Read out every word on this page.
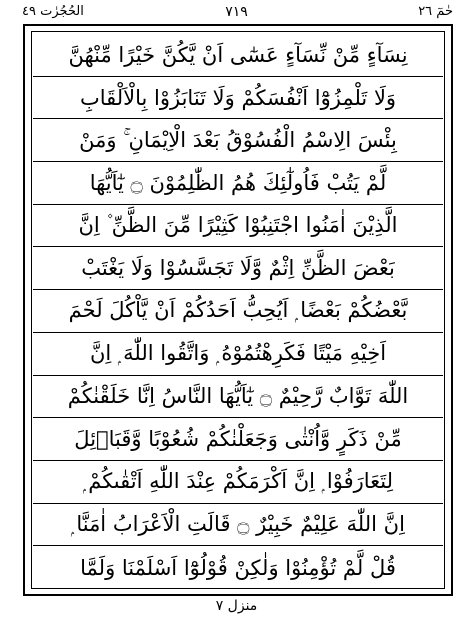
حٰمٓ ٢٦
٧١٩
الحُجُرٰت ٤٩
نِسَآءٍ مِّنْ نِّسَآءٍ عَسٰٓى اَنْ يَّكُنَّ خَيْرًا مِّنْهُنَّ
وَلَا تَلْمِزُوْٓا اَنْفُسَكُمْ وَلَا تَنَابَزُوْا بِالْاَلْقَابِ
بِئْسَ الِاسْمُ الْفُسُوْقُ بَعْدَ الْاِيْمَانِ ۚ وَمَنْ
لَّمْ يَتُبْ فَاُولٰٓئِكَ هُمُ الظّٰلِمُوْنَ ۝ يٰٓاَيُّهَا
الَّذِيْنَ اٰمَنُوا اجْتَنِبُوْا كَثِيْرًا مِّنَ الظَّنِّ ۫ اِنَّ
بَعْضَ الظَّنِّ اِثْمٌ وَّلَا تَجَسَّسُوْا وَلَا يَغْتَبْ
بَّعْضُكُمْ بَعْضًا ۭ اَيُحِبُّ اَحَدُكُمْ اَنْ يَّاْكُلَ لَحْمَ
اَخِيْهِ مَيْتًا فَكَرِهْتُمُوْهُ ۭ وَاتَّقُوا اللّٰهَ ۭ اِنَّ
اللّٰهَ تَوَّابٌ رَّحِيْمٌ ۝ يٰٓاَيُّهَا النَّاسُ اِنَّا خَلَقْنٰكُمْ
مِّنْ ذَكَرٍ وَّاُنْثٰى وَجَعَلْنٰكُمْ شُعُوْبًا وَّقَبَاۗئِلَ
لِتَعَارَفُوْا ۭ اِنَّ اَكْرَمَكُمْ عِنْدَ اللّٰهِ اَتْقٰىكُمْ ۭ
اِنَّ اللّٰهَ عَلِيْمٌ خَبِيْرٌ ۝ قَالَتِ الْاَعْرَابُ اٰمَنَّا ۭ
قُلْ لَّمْ تُؤْمِنُوْا وَلٰكِنْ قُوْلُوْٓا اَسْلَمْنَا وَلَمَّا
منزل ٧
